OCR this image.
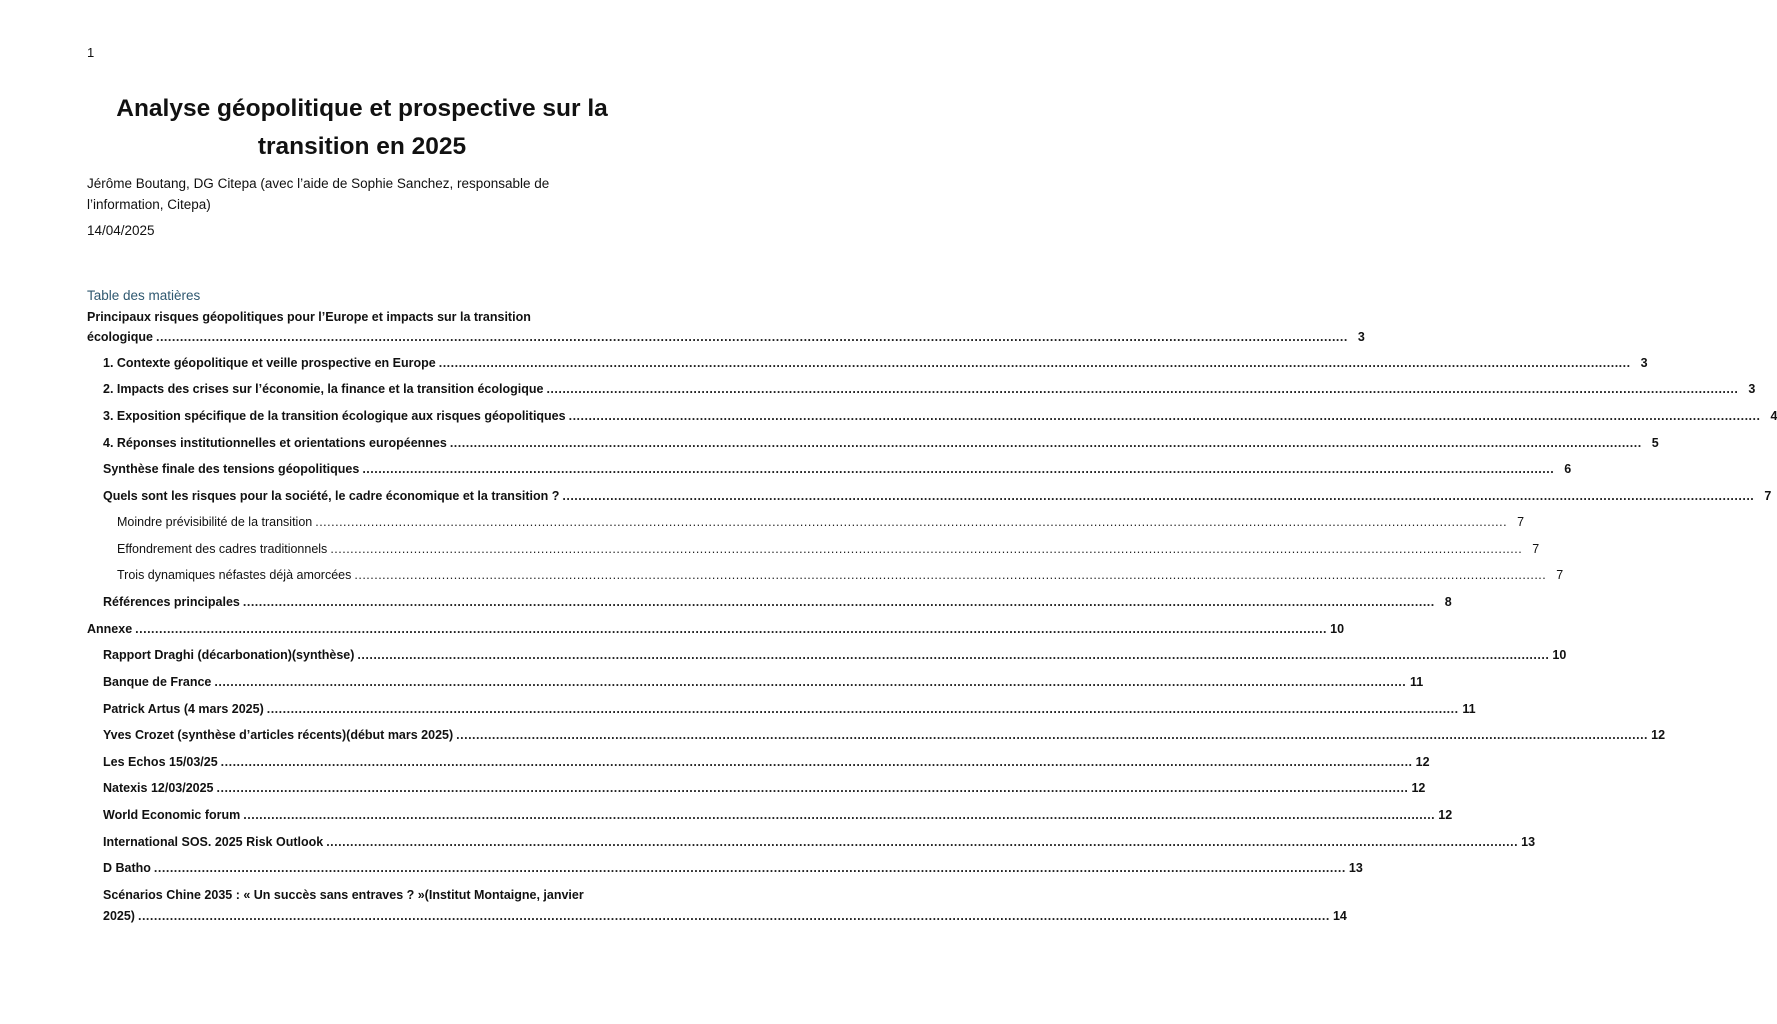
1
Analyse géopolitique et prospective sur la
transition en 2025
Jérôme Boutang, DG Citepa (avec l’aide de Sophie Sanchez, responsable de
l’information, Citepa)
14/04/2025
Table des matières
Principaux risques géopolitiques pour l’Europe et impacts sur la transition
écologique ............................................................................................................................................................................................................................................................................................................ 3
1. Contexte géopolitique et veille prospective en Europe ............................................................................................................................................................................................................................................................................................................ 3
2. Impacts des crises sur l’économie, la finance et la transition écologique ............................................................................................................................................................................................................................................................................................................ 3
3. Exposition spécifique de la transition écologique aux risques géopolitiques ............................................................................................................................................................................................................................................................................................................ 4
4. Réponses institutionnelles et orientations européennes ............................................................................................................................................................................................................................................................................................................ 5
Synthèse finale des tensions géopolitiques ............................................................................................................................................................................................................................................................................................................ 6
Quels sont les risques pour la société, le cadre économique et la transition ? ............................................................................................................................................................................................................................................................................................................ 7
Moindre prévisibilité de la transition ............................................................................................................................................................................................................................................................................................................ 7
Effondrement des cadres traditionnels ............................................................................................................................................................................................................................................................................................................ 7
Trois dynamiques néfastes déjà amorcées ............................................................................................................................................................................................................................................................................................................ 7
Références principales ............................................................................................................................................................................................................................................................................................................ 8
Annexe ............................................................................................................................................................................................................................................................................................................ 10
Rapport Draghi (décarbonation)(synthèse) ............................................................................................................................................................................................................................................................................................................ 10
Banque de France ............................................................................................................................................................................................................................................................................................................ 11
Patrick Artus (4 mars 2025) ............................................................................................................................................................................................................................................................................................................ 11
Yves Crozet (synthèse d’articles récents)(début mars 2025) ............................................................................................................................................................................................................................................................................................................ 12
Les Echos 15/03/25 ............................................................................................................................................................................................................................................................................................................ 12
Natexis 12/03/2025 ............................................................................................................................................................................................................................................................................................................ 12
World Economic forum ............................................................................................................................................................................................................................................................................................................ 12
International SOS. 2025 Risk Outlook ............................................................................................................................................................................................................................................................................................................ 13
D Batho ............................................................................................................................................................................................................................................................................................................ 13
Scénarios Chine 2035 : « Un succès sans entraves ? »(Institut Montaigne, janvier
2025) ............................................................................................................................................................................................................................................................................................................ 14
